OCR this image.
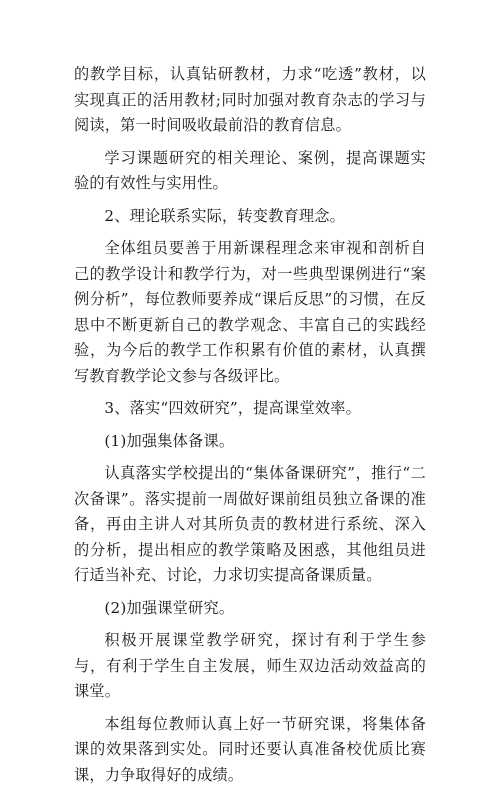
的教学目标，认真钻研教材，力求“吃透”教材，以实现真正的活用教材;同时加强对教育杂志的学习与阅读，第一时间吸收最前沿的教育信息。

学习课题研究的相关理论、案例，提高课题实验的有效性与实用性。

2、理论联系实际，转变教育理念。

全体组员要善于用新课程理念来审视和剖析自己的教学设计和教学行为，对一些典型课例进行“案例分析”，每位教师要养成“课后反思”的习惯，在反思中不断更新自己的教学观念、丰富自己的实践经验，为今后的教学工作积累有价值的素材，认真撰写教育教学论文参与各级评比。

3、落实“四效研究”，提高课堂效率。

(1)加强集体备课。

认真落实学校提出的“集体备课研究”，推行“二次备课”。落实提前一周做好课前组员独立备课的准备，再由主讲人对其所负责的教材进行系统、深入的分析，提出相应的教学策略及困惑，其他组员进行适当补充、讨论，力求切实提高备课质量。

(2)加强课堂研究。

积极开展课堂教学研究，探讨有利于学生参与，有利于学生自主发展，师生双边活动效益高的课堂。

本组每位教师认真上好一节研究课，将集体备课的效果落到实处。同时还要认真准备校优质比赛课，力争取得好的成绩。
